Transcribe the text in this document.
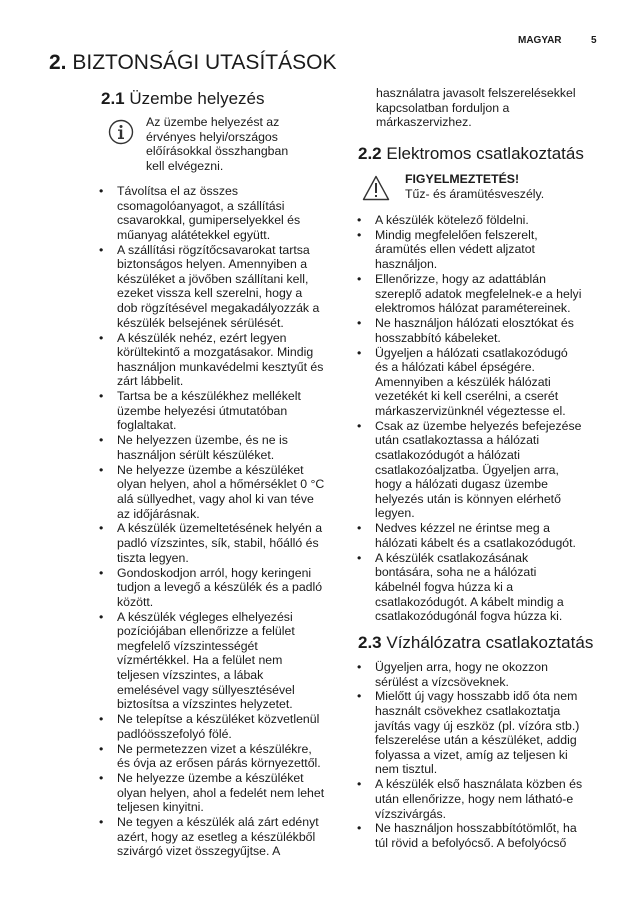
MAGYAR	5
2. BIZTONSÁGI UTASÍTÁSOK
2.1 Üzembe helyezés
Az üzembe helyezést az
érvényes helyi/országos
előírásokkal összhangban
kell elvégezni.
• Távolítsa el az összes
csomagolóanyagot, a szállítási
csavarokkal, gumiperselyekkel és
műanyag alátétekkel együtt.
• A szállítási rögzítőcsavarokat tartsa
biztonságos helyen. Amennyiben a
készüléket a jövőben szállítani kell,
ezeket vissza kell szerelni, hogy a
dob rögzítésével megakadályozzák a
készülék belsejének sérülését.
• A készülék nehéz, ezért legyen
körültekintő a mozgatásakor. Mindig
használjon munkavédelmi kesztyűt és
zárt lábbelit.
• Tartsa be a készülékhez mellékelt
üzembe helyezési útmutatóban
foglaltakat.
• Ne helyezzen üzembe, és ne is
használjon sérült készüléket.
• Ne helyezze üzembe a készüléket
olyan helyen, ahol a hőmérséklet 0 °C
alá süllyedhet, vagy ahol ki van téve
az időjárásnak.
• A készülék üzemeltetésének helyén a
padló vízszintes, sík, stabil, hőálló és
tiszta legyen.
• Gondoskodjon arról, hogy keringeni
tudjon a levegő a készülék és a padló
között.
• A készülék végleges elhelyezési
pozíciójában ellenőrizze a felület
megfelelő vízszintességét
vízmértékkel. Ha a felület nem
teljesen vízszintes, a lábak
emelésével vagy süllyesztésével
biztosítsa a vízszintes helyzetet.
• Ne telepítse a készüléket közvetlenül
padlóösszefolyó fölé.
• Ne permetezzen vizet a készülékre,
és óvja az erősen párás környezettől.
• Ne helyezze üzembe a készüléket
olyan helyen, ahol a fedelét nem lehet
teljesen kinyitni.
• Ne tegyen a készülék alá zárt edényt
azért, hogy az esetleg a készülékből
szivárgó vizet összegyűjtse. A
használatra javasolt felszerelésekkel
kapcsolatban forduljon a
márkaszervizhez.
2.2 Elektromos csatlakoztatás
FIGYELMEZTETÉS!
Tűz- és áramütésveszély.
• A készülék kötelező földelni.
• Mindig megfelelően felszerelt,
áramütés ellen védett aljzatot
használjon.
• Ellenőrizze, hogy az adattáblán
szereplő adatok megfelelnek-e a helyi
elektromos hálózat paramétereinek.
• Ne használjon hálózati elosztókat és
hosszabbító kábeleket.
• Ügyeljen a hálózati csatlakozódugó
és a hálózati kábel épségére.
Amennyiben a készülék hálózati
vezetékét ki kell cserélni, a cserét
márkaszervizünknél végeztesse el.
• Csak az üzembe helyezés befejezése
után csatlakoztassa a hálózati
csatlakozódugót a hálózati
csatlakozóaljzatba. Ügyeljen arra,
hogy a hálózati dugasz üzembe
helyezés után is könnyen elérhető
legyen.
• Nedves kézzel ne érintse meg a
hálózati kábelt és a csatlakozódugót.
• A készülék csatlakozásának
bontására, soha ne a hálózati
kábelnél fogva húzza ki a
csatlakozódugót. A kábelt mindig a
csatlakozódugónál fogva húzza ki.
2.3 Vízhálózatra csatlakoztatás
• Ügyeljen arra, hogy ne okozzon
sérülést a vízcsöveknek.
• Mielőtt új vagy hosszabb idő óta nem
használt csövekhez csatlakoztatja
javítás vagy új eszköz (pl. vízóra stb.)
felszerelése után a készüléket, addig
folyassa a vizet, amíg az teljesen ki
nem tisztul.
• A készülék első használata közben és
után ellenőrizze, hogy nem látható-e
vízszivárgás.
• Ne használjon hosszabbítótömlőt, ha
túl rövid a befolyócső. A befolyócső
